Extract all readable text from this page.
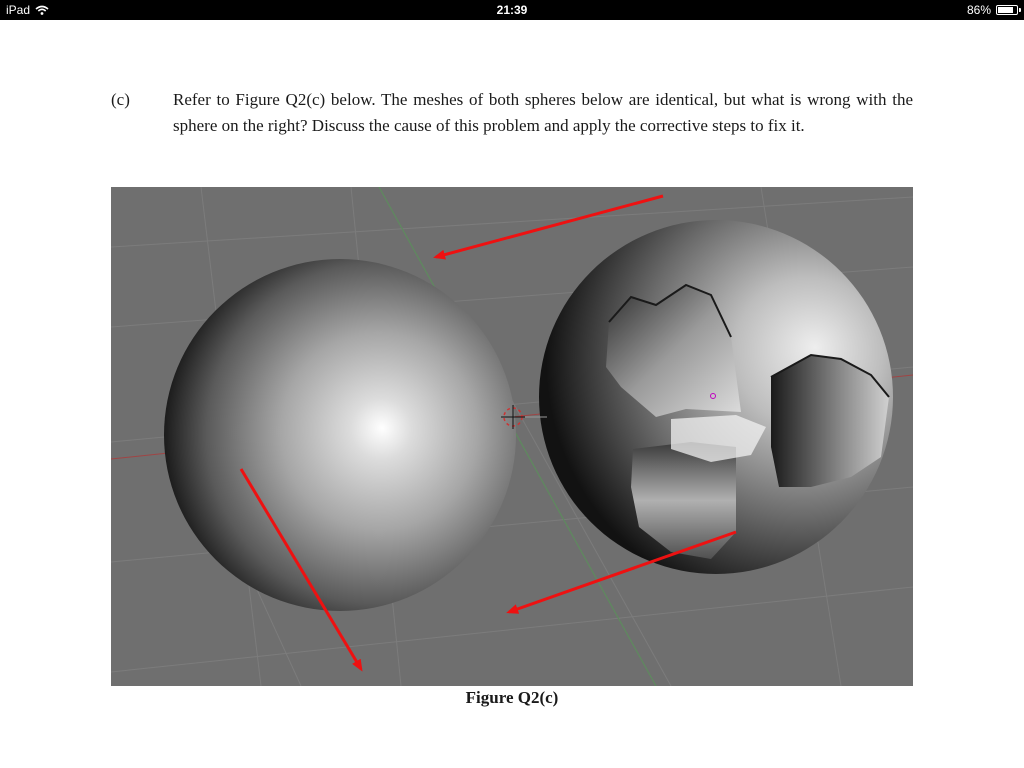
iPad	21:39	86%
(c)	Refer to Figure Q2(c) below. The meshes of both spheres below are identical, but what is wrong with the sphere on the right? Discuss the cause of this problem and apply the corrective steps to fix it.
Figure Q2(c)
